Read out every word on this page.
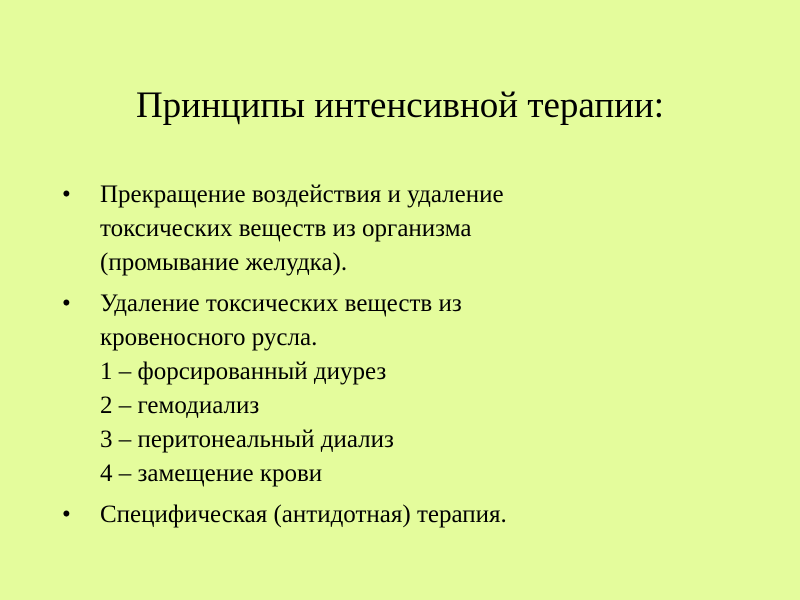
Принципы интенсивной терапии:
•	Прекращение воздействия и удаление
токсических веществ из организма
(промывание желудка).
•	Удаление токсических веществ из
кровеносного русла.
1 – форсированный диурез
2 – гемодиализ
3 – перитонеальный диализ
4 – замещение крови
•	Специфическая (антидотная) терапия.
